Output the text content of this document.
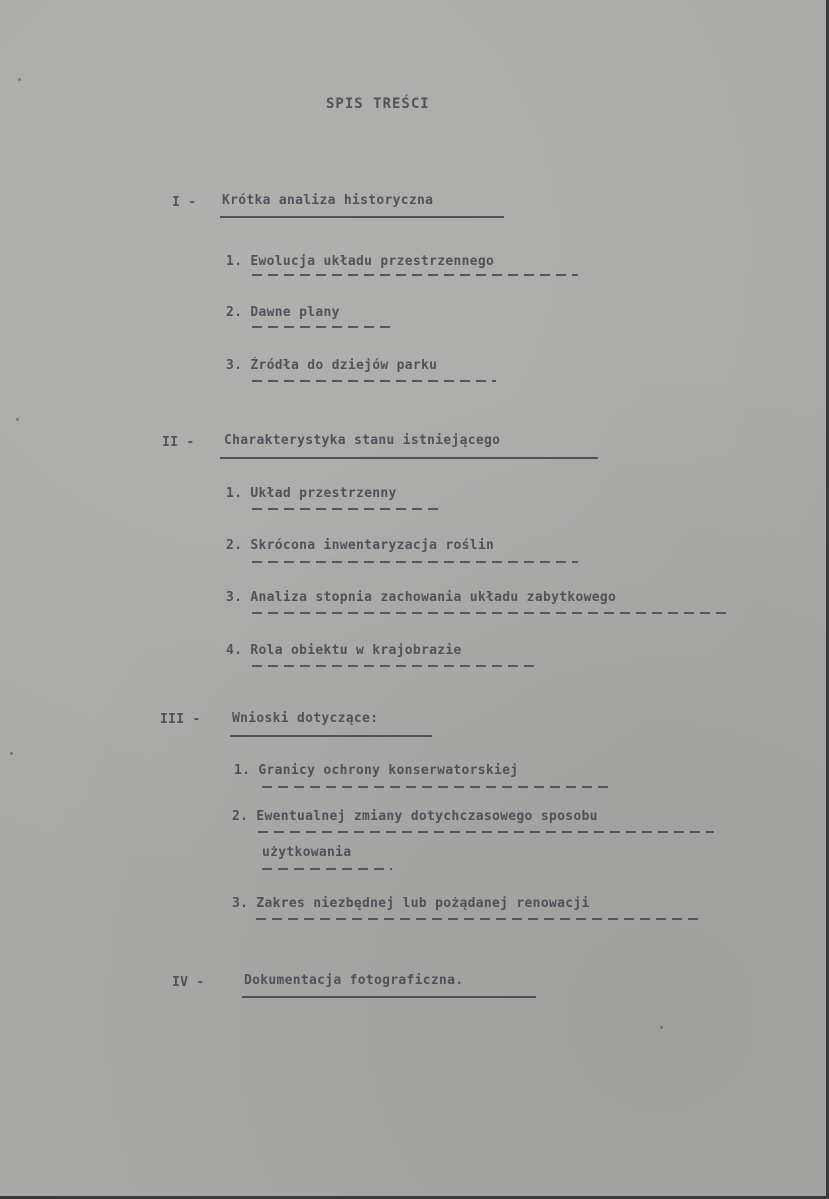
SPIS TREŚCI
I - Krótka analiza historyczna
1. Ewolucja układu przestrzennego
2. Dawne plany
3. Źródła do dziejów parku
II - Charakterystyka stanu istniejącego
1. Układ przestrzenny
2. Skrócona inwentaryzacja roślin
3. Analiza stopnia zachowania układu zabytkowego
4. Rola obiektu w krajobrazie
III - Wnioski dotyczące:
1. Granicy ochrony konserwatorskiej
2. Ewentualnej zmiany dotychczasowego sposobu
użytkowania
3. Zakres niezbędnej lub pożądanej renowacji
IV -	Dokumentacja fotograficzna.
